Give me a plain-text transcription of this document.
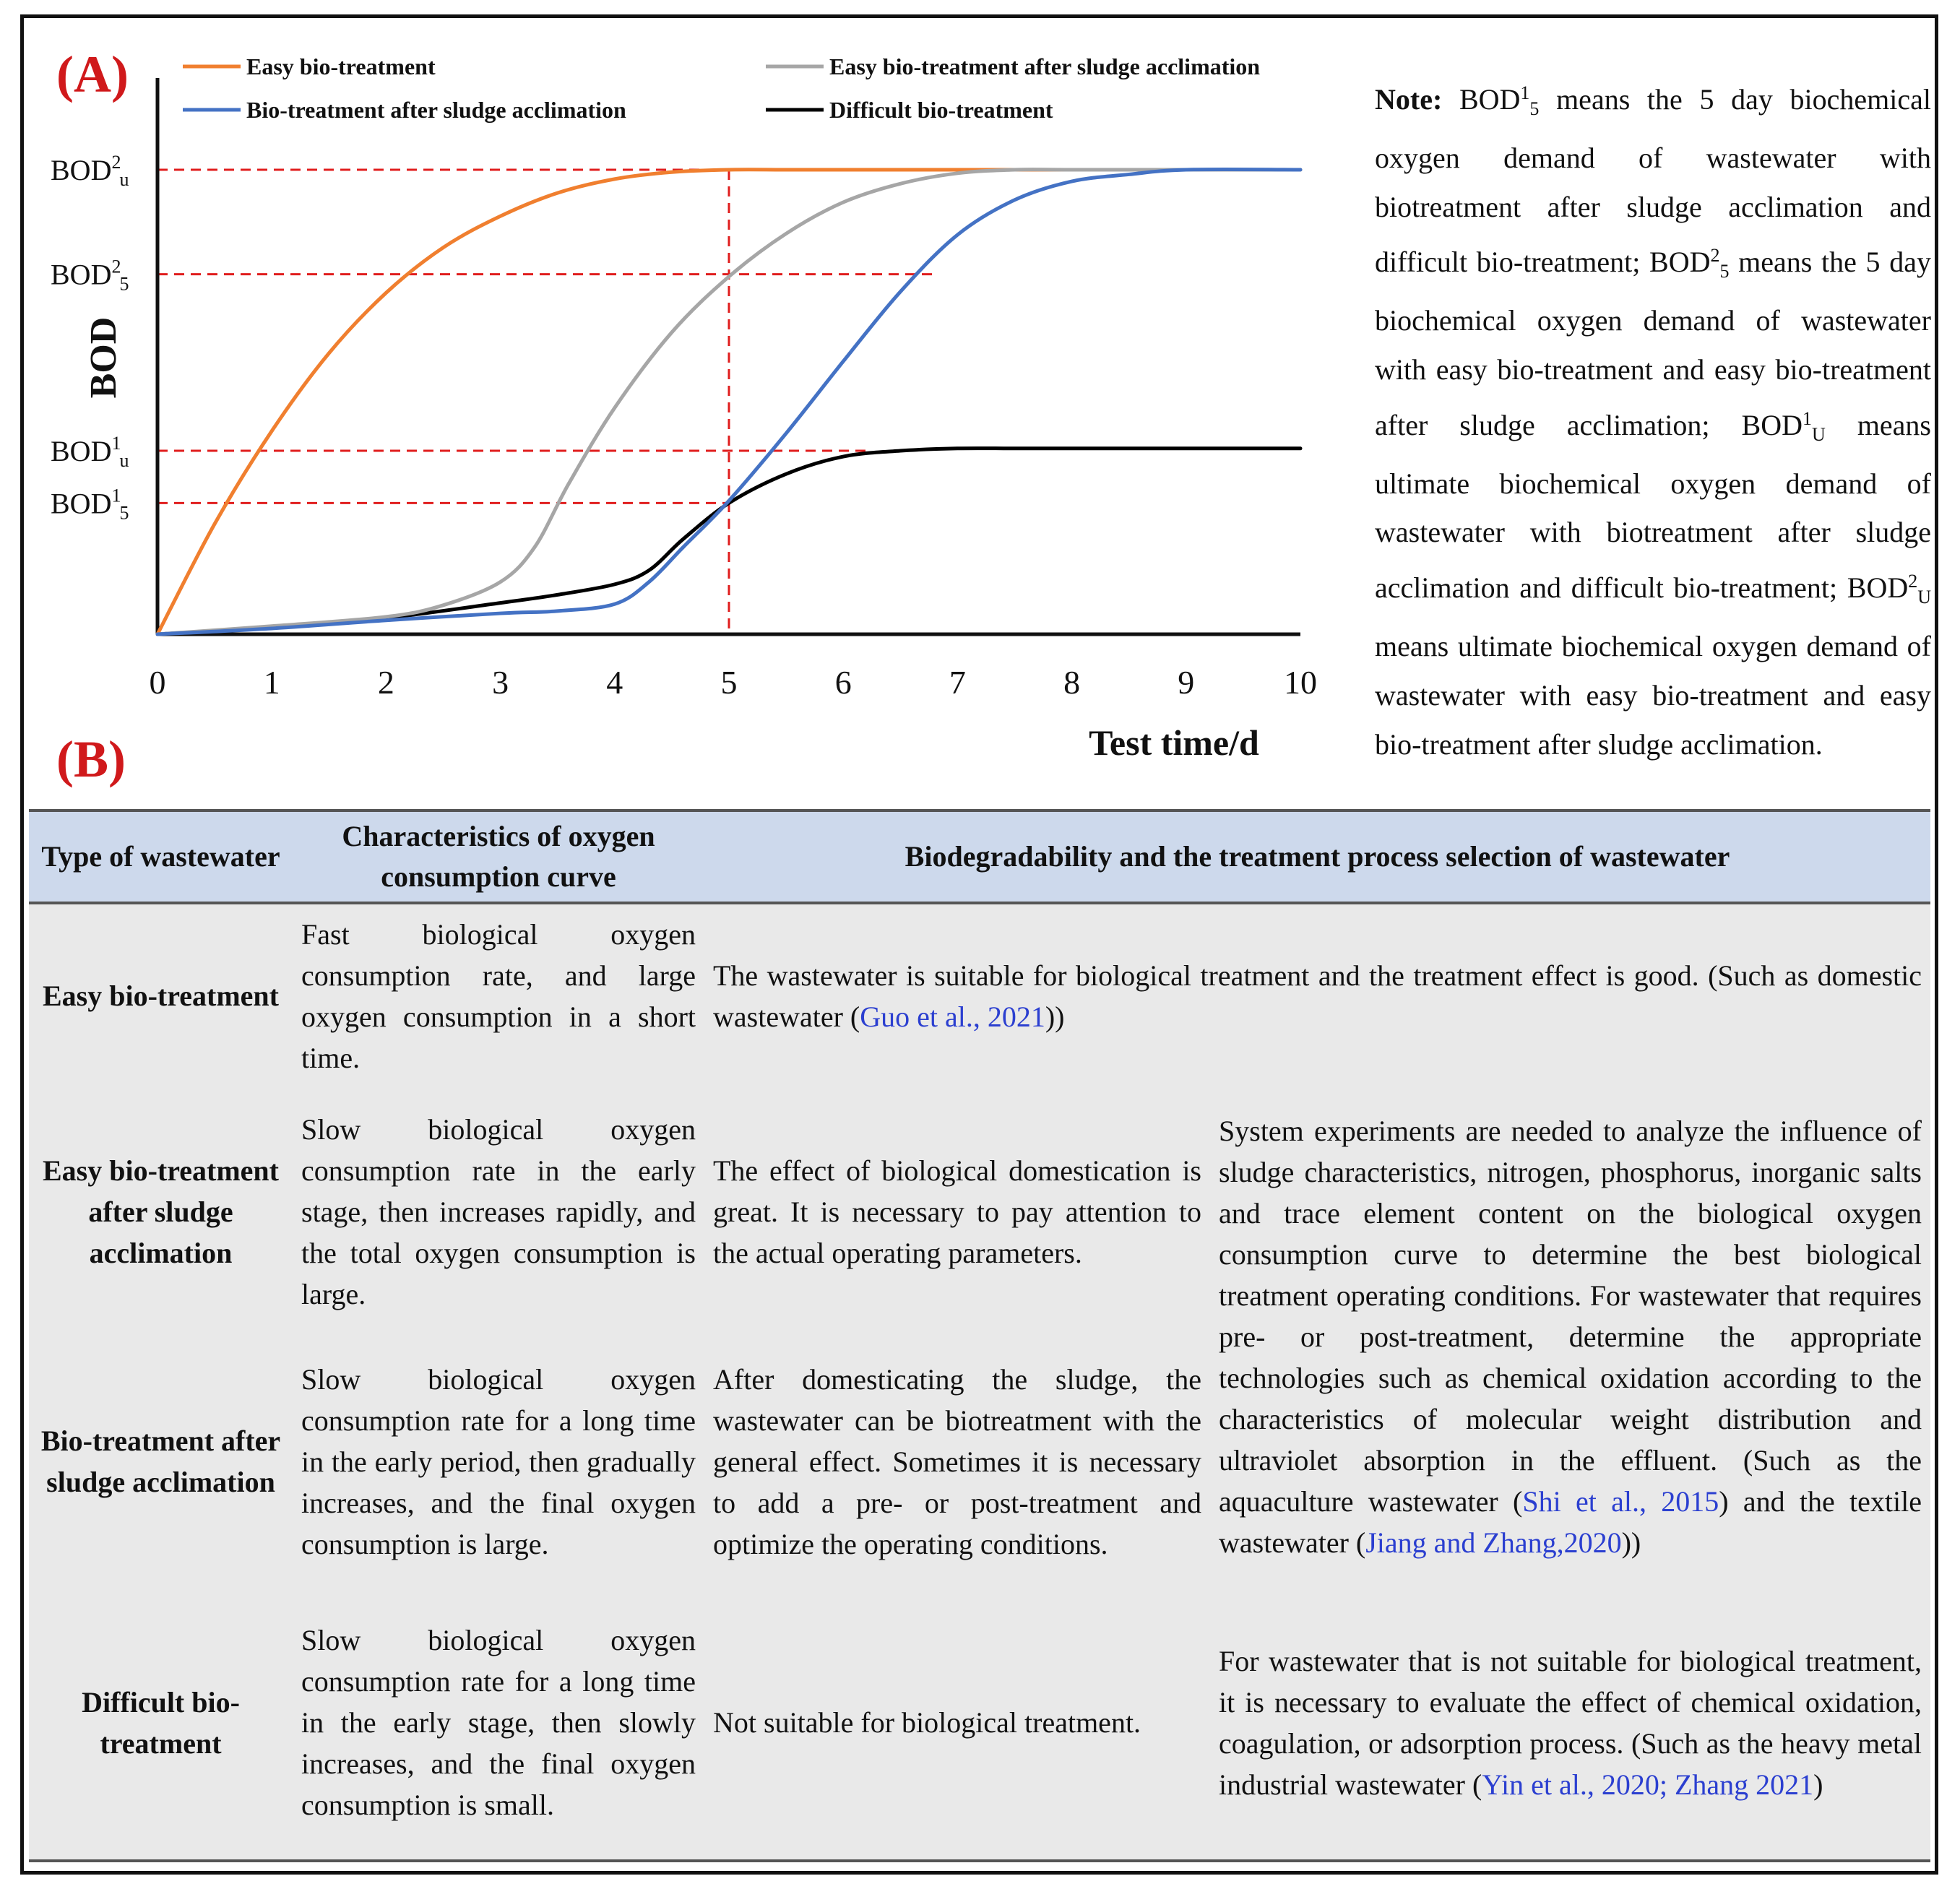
(A)
(B)
Easy bio-treatment	Easy bio-treatment after sludge acclimation
Bio-treatment after sludge acclimation	Difficult bio-treatment
0	1	2	3	4	5	6	7	8	9	10
BOD$^2$ u
BOD$^2$ 5
BOD$^1$ u
BOD$^1$ 5
BOD
Test time/d
Note: $BOD^1_5$ means the 5 day biochemical oxygen demand of wastewater with biotreatment after sludge acclimation and difficult bio-treatment; $BOD^2_5$ means the 5 day biochemical oxygen demand of wastewater with easy bio-treatment and easy bio-treatment after sludge acclimation; $BOD^1_U$ means ultimate biochemical oxygen demand of wastewater with biotreatment after sludge acclimation and difficult bio-treatment; $BOD^2_U$ means ultimate biochemical oxygen demand of wastewater with easy bio-treatment and easy bio-treatment after sludge acclimation.
Type of wastewater	Characteristics of oxygen consumption curve	Biodegradability and the treatment process selection of wastewater	
Easy bio-treatment	Fast biological oxygen consumption rate, and large oxygen consumption in a short time.	The wastewater is suitable for biological treatment and the treatment effect is good. (Such as domestic wastewater (Guo et al., 2021))	
Easy bio-treatment after sludge acclimation	Slow biological oxygen consumption rate in the early stage, then increases rapidly, and the total oxygen consumption is large.	The effect of biological domestication is great. It is necessary to pay attention to the actual operating parameters.	System experiments are needed to analyze the influence of sludge characteristics, nitrogen, phosphorus, inorganic salts and trace element content on the biological oxygen consumption curve to determine the best biological treatment operating conditions. For wastewater that requires pre- or post-treatment, determine the appropriate technologies such as chemical oxidation according to the characteristics of molecular weight distribution and ultraviolet absorption in the effluent. (Such as the aquaculture wastewater (Shi et al., 2015) and the textile wastewater (Jiang and Zhang,2020))
Bio-treatment after sludge acclimation	Slow biological oxygen consumption rate for a long time in the early period, then gradually increases, and the final oxygen consumption is large.	After domesticating the sludge, the wastewater can be biotreatment with the general effect. Sometimes it is necessary to add a pre- or post-treatment and optimize the operating conditions.	
Difficult bio-treatment	Slow biological oxygen consumption rate for a long time in the early stage, then slowly increases, and the final oxygen consumption is small.	Not suitable for biological treatment.	For wastewater that is not suitable for biological treatment, it is necessary to evaluate the effect of chemical oxidation, coagulation, or adsorption process. (Such as the heavy metal industrial wastewater (Yin et al., 2020; Zhang 2021)
